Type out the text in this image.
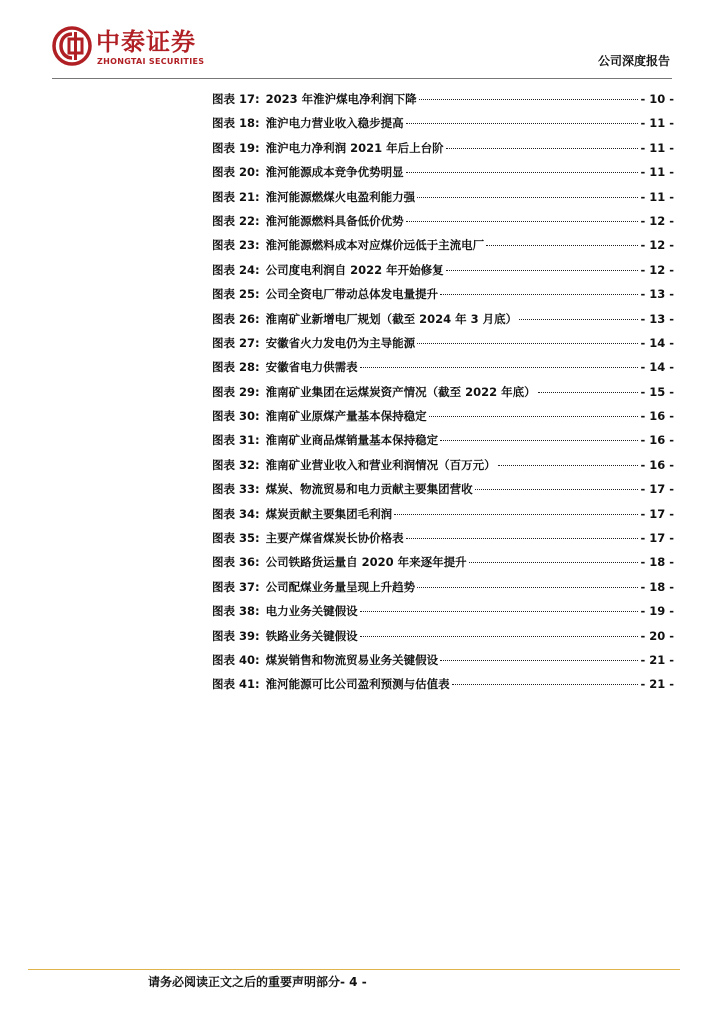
中泰证券
ZHONGTAI SECURITIES	公司深度报告
图表 17: 2023 年淮沪煤电净利润下降	- 10 -
图表 18: 淮沪电力营业收入稳步提高	- 11 -
图表 19: 淮沪电力净利润 2021 年后上台阶	- 11 -
图表 20: 淮河能源成本竞争优势明显	- 11 -
图表 21: 淮河能源燃煤火电盈利能力强	- 11 -
图表 22: 淮河能源燃料具备低价优势	- 12 -
图表 23: 淮河能源燃料成本对应煤价远低于主流电厂	- 12 -
图表 24: 公司度电利润自 2022 年开始修复	- 12 -
图表 25: 公司全资电厂带动总体发电量提升	- 13 -
图表 26: 淮南矿业新增电厂规划（截至 2024 年 3 月底）	- 13 -
图表 27: 安徽省火力发电仍为主导能源	- 14 -
图表 28: 安徽省电力供需表	- 14 -
图表 29: 淮南矿业集团在运煤炭资产情况（截至 2022 年底）	- 15 -
图表 30: 淮南矿业原煤产量基本保持稳定	- 16 -
图表 31: 淮南矿业商品煤销量基本保持稳定	- 16 -
图表 32: 淮南矿业营业收入和营业利润情况（百万元）	- 16 -
图表 33: 煤炭、物流贸易和电力贡献主要集团营收	- 17 -
图表 34: 煤炭贡献主要集团毛利润	- 17 -
图表 35: 主要产煤省煤炭长协价格表	- 17 -
图表 36: 公司铁路货运量自 2020 年来逐年提升	- 18 -
图表 37: 公司配煤业务量呈现上升趋势	- 18 -
图表 38: 电力业务关键假设	- 19 -
图表 39: 铁路业务关键假设	- 20 -
图表 40: 煤炭销售和物流贸易业务关键假设	- 21 -
图表 41: 淮河能源可比公司盈利预测与估值表	- 21 -
请务必阅读正文之后的重要声明部分- 4 -
